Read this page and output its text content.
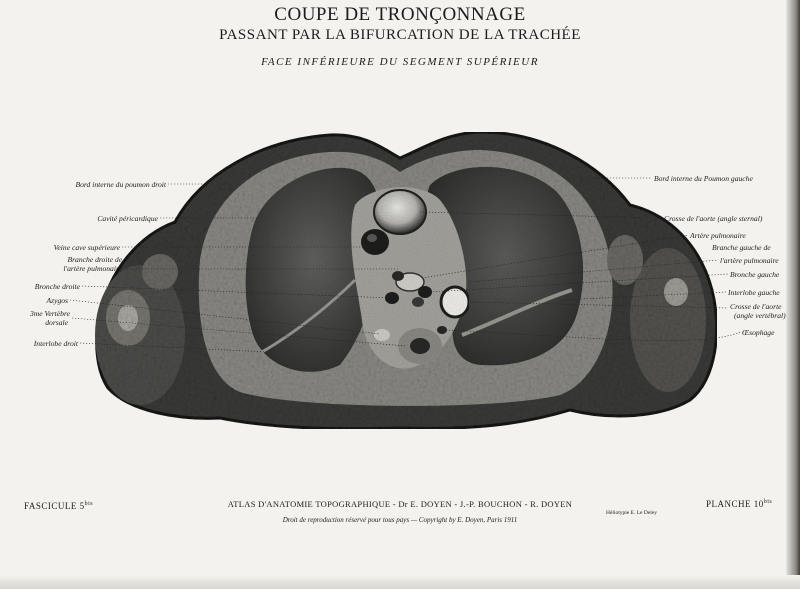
COUPE DE TRONÇONNAGE
PASSANT PAR LA BIFURCATION DE LA TRACHÉE
FACE INFÉRIEURE DU SEGMENT SUPÉRIEUR
Bord interne du poumon droit
Cavité péricardique
Veine cave supérieure
Branche droite de
l'artère pulmonaire
Bronche droite
Azygos
3me Vertèbre
dorsale
Interlobe droit
Bord interne du Poumon gauche
Crosse de l'aorte (angle sternal)
Artère pulmonaire
Branche gauche de
l'artère pulmonaire
Bronche gauche
Interlobe gauche
Crosse de l'aorte
(angle vertébral)
Œsophage
FASCICULE $5^{bis}$	ATLAS D'ANATOMIE TOPOGRAPHIQUE - Dr E. DOYEN - J.-P. BOUCHON - R. DOYEN
Droit de reproduction réservé pour tous pays — Copyright by E. Doyen, Paris 1911
Héliotypie E. Le Deley
PLANCHE $10^{bis}$
